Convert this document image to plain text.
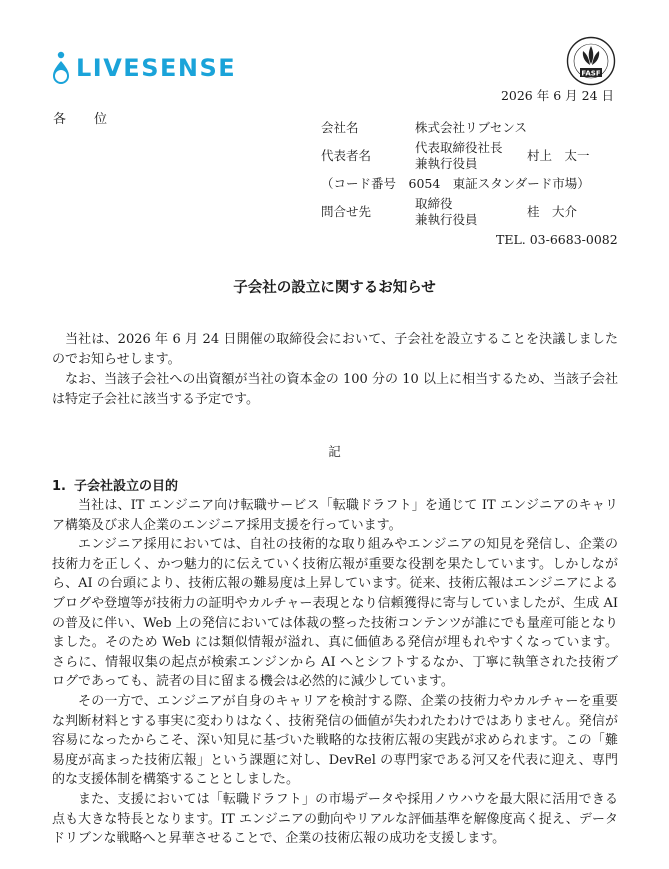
LIVESENSE	FASF
2026 年 6 月 24 日
各位
会社名	株式会社リブセンス
代表者名
代表取締役社長
兼執行役員
村上　太一
（コード番号　6054　東証スタンダード市場）
問合せ先
取締役
兼執行役員
桂　大介
TEL. 03-6683-0082
子会社の設立に関するお知らせ

当社は、2026 年 6 月 24 日開催の取締役会において、子会社を設立することを決議しましたのでお知らせします。

なお、当該子会社への出資額が当社の資本金の 100 分の 10 以上に相当するため、当該子会社は特定子会社に該当する予定です。

記
1. 子会社設立の目的

当社は、IT エンジニア向け転職サービス「転職ドラフト」を通じて IT エンジニアのキャリア構築及び求人企業のエンジニア採用支援を行っています。

エンジニア採用においては、自社の技術的な取り組みやエンジニアの知見を発信し、企業の技術力を正しく、かつ魅力的に伝えていく技術広報が重要な役割を果たしています。しかしながら、AI の台頭により、技術広報の難易度は上昇しています。従来、技術広報はエンジニアによるブログや登壇等が技術力の証明やカルチャー表現となり信頼獲得に寄与していましたが、生成 AI の普及に伴い、Web 上の発信においては体裁の整った技術コンテンツが誰にでも量産可能となりました。そのため Web には類似情報が溢れ、真に価値ある発信が埋もれやすくなっています。さらに、情報収集の起点が検索エンジンから AI へとシフトするなか、丁寧に執筆された技術ブログであっても、読者の目に留まる機会は必然的に減少しています。

その一方で、エンジニアが自身のキャリアを検討する際、企業の技術力やカルチャーを重要な判断材料とする事実に変わりはなく、技術発信の価値が失われたわけではありません。発信が容易になったからこそ、深い知見に基づいた戦略的な技術広報の実践が求められます。この「難易度が高まった技術広報」という課題に対し、DevRel の専門家である河又を代表に迎え、専門的な支援体制を構築することとしました。

また、支援においては「転職ドラフト」の市場データや採用ノウハウを最大限に活用できる点も大きな特長となります。IT エンジニアの動向やリアルな評価基準を解像度高く捉え、データドリブンな戦略へと昇華させることで、企業の技術広報の成功を支援します。
